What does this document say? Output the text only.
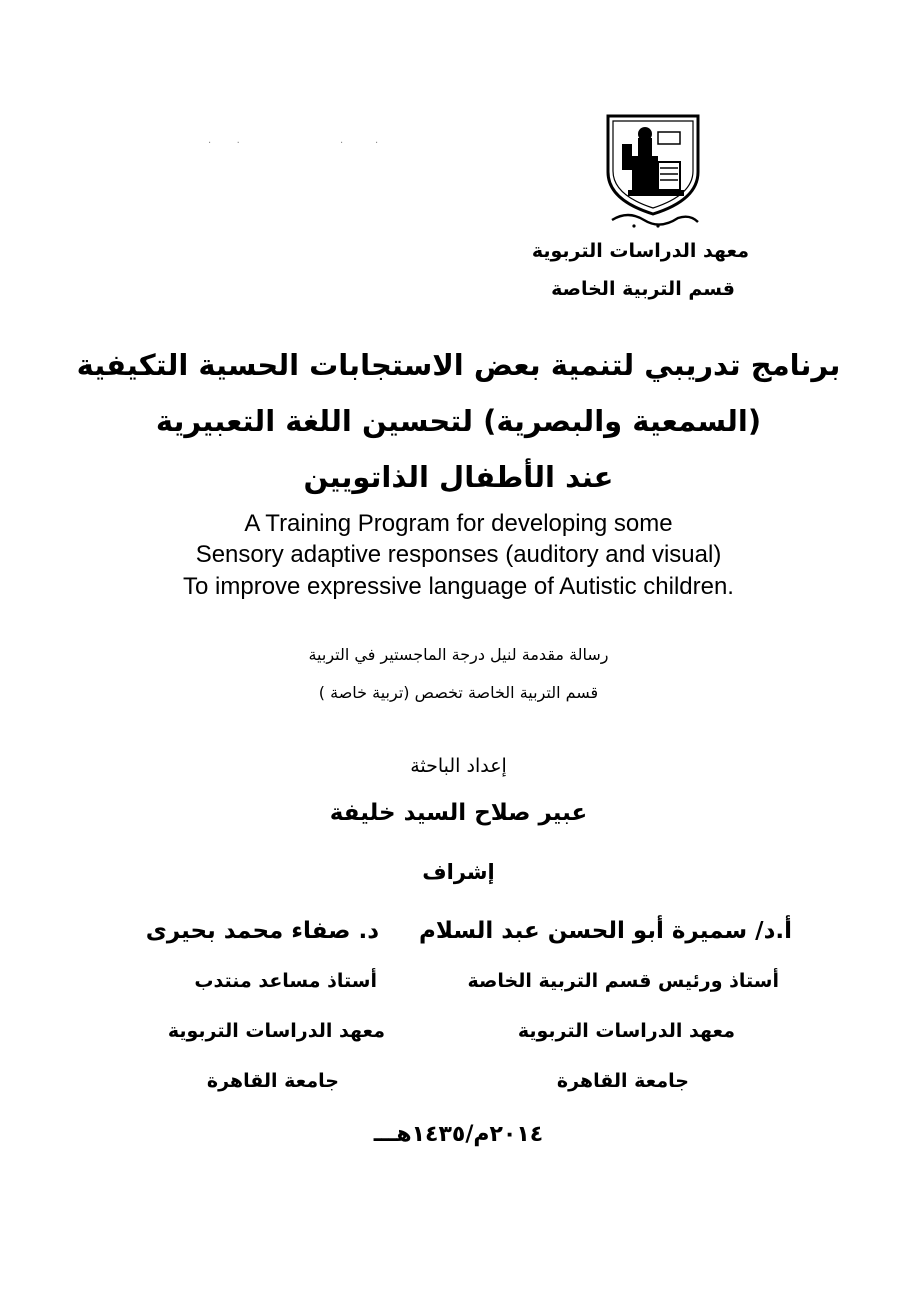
·        ·	·          ·
معهد الدراسات التربوية
قسم التربية الخاصة
برنامج تدريبي لتنمية بعض الاستجابات الحسية التكيفية
(السمعية والبصرية) لتحسين اللغة التعبيرية
عند الأطفال الذاتويين
A Training Program for developing some
Sensory adaptive responses (auditory and visual)
To improve expressive language of Autistic children.
رسالة مقدمة لنيل درجة الماجستير في التربية
قسم التربية الخاصة تخصص (تربية خاصة )
إعداد الباحثة
عبير صلاح السيد خليفة
إشراف
أ.د/ سميرة أبو الحسن عبد السلام
أستاذ ورئيس قسم التربية الخاصة
معهد الدراسات التربوية
جامعة القاهرة
د. صفاء محمد بحيرى
أستاذ مساعد منتدب
معهد الدراسات التربوية
جامعة القاهرة
٢٠١٤م/١٤٣٥هـــ
